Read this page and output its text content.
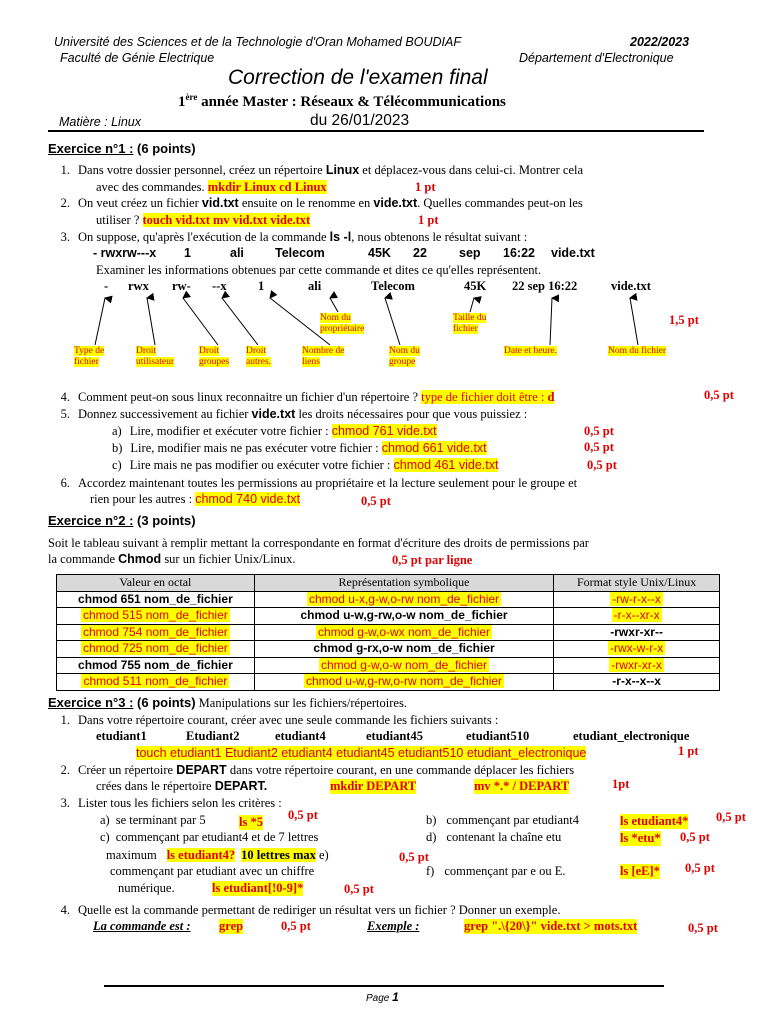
Université des Sciences et de la Technologie d'Oran Mohamed BOUDIAF	2022/2023
Faculté de Génie Electrique	Département d'Electronique
Correction de l'examen final
1ère année Master : Réseaux & Télécommunications
Matière : Linux	du 26/01/2023
Exercice n°1 : (6 points)
1. Dans votre dossier personnel, créez un répertoire Linux et déplacez-vous dans celui-ci. Montrer cela
avec des commandes. mkdir Linux cd Linux	1 pt
2. On veut créez un fichier vid.txt ensuite on le renomme en vide.txt. Quelles commandes peut-on les
utiliser ? touch vid.txt mv vid.txt vide.txt	1 pt
3. On suppose, qu'après l'exécution de la commande ls -l, nous obtenons le résultat suivant :
- rwxrw---x 1	ali Telecom	45K 22	sep 16:22 vide.txt
Examiner les informations obtenues par cette commande et dites ce qu'elles représentent.
- rwx rw- --x	1	ali	Telecom	45K 22 sep 16:22	vide.txt
Nom du propriétaire
Taille du fichier
1,5 pt
Type de fichier
Droit utilisateur
Droit groupes
Droit autres.
Nombre de liens
Nom du groupe
Date et heure.	Nom du fichier
4. Comment peut-on sous linux reconnaitre un fichier d'un répertoire ? type de fichier doit être : d	0,5 pt
5. Donnez successivement au fichier vide.txt les droits nécessaires pour que vous puissiez :
a) Lire, modifier et exécuter votre fichier : chmod 761 vide.txt	0,5 pt
b) Lire, modifier mais ne pas exécuter votre fichier : chmod 661 vide.txt	0,5 pt
c) Lire mais ne pas modifier ou exécuter votre fichier : chmod 461 vide.txt	0,5 pt
6. Accordez maintenant toutes les permissions au propriétaire et la lecture seulement pour le groupe et
rien pour les autres : chmod 740 vide.txt	0,5 pt
Exercice n°2 : (3 points)
Soit le tableau suivant à remplir mettant la correspondante en format d'écriture des droits de permissions par
la commande Chmod sur un fichier Unix/Linux.	0,5 pt par ligne
Valeur en octal	Représentation symbolique	Format style Unix/Linux
chmod 651 nom_de_fichier	chmod u-x,g-w,o-rw nom_de_fichier	-rw-r-x--x
chmod 515 nom_de_fichier	chmod u-w,g-rw,o-w nom_de_fichier	-r-x--xr-x
chmod 754 nom_de_fichier	chmod g-w,o-wx nom_de_fichier	-rwxr-xr--
chmod 725 nom_de_fichier	chmod g-rx,o-w nom_de_fichier	-rwx-w-r-x
chmod 755 nom_de_fichier	chmod g-w,o-w nom_de_fichier	-rwxr-xr-x
chmod 511 nom_de_fichier	chmod u-w,g-rw,o-rw nom_de_fichier	-r-x--x--x
Exercice n°3 : (6 points) Manipulations sur les fichiers/répertoires.
1. Dans votre répertoire courant, créer avec une seule commande les fichiers suivants :
etudiant1	Etudiant2	etudiant4	etudiant45	etudiant510	etudiant_electronique
touch etudiant1 Etudiant2 etudiant4 etudiant45 etudiant510 etudiant_electronique	1 pt
2. Créer un répertoire DEPART dans votre répertoire courant, en une commande déplacer les fichiers
crées dans le répertoire DEPART.	mkdir DEPART	mv *.* / DEPART	1pt
3. Lister tous les fichiers selon les critères :
a) se terminant par 5	ls *5 0,5 pt	b) commençant par etudiant4	ls etudiant4* 0,5 pt
c) commençant par etudiant4 et de 7 lettres	d) contenant la chaîne etu	ls *etu* 0,5 pt
maximum ls etudiant4? 10 lettres max e)	0,5 pt
commençant par etudiant avec un chiffre	f) commençant par e ou E.	ls [eE]* 0,5 pt
numérique.	ls etudiant[!0-9]*	0,5 pt
4. Quelle est la commande permettant de rediriger un résultat vers un fichier ? Donner un exemple.
La commande est : grep	0,5 pt	Exemple :	grep ".\{20\}" vide.txt > mots.txt	0,5 pt
Page 1
